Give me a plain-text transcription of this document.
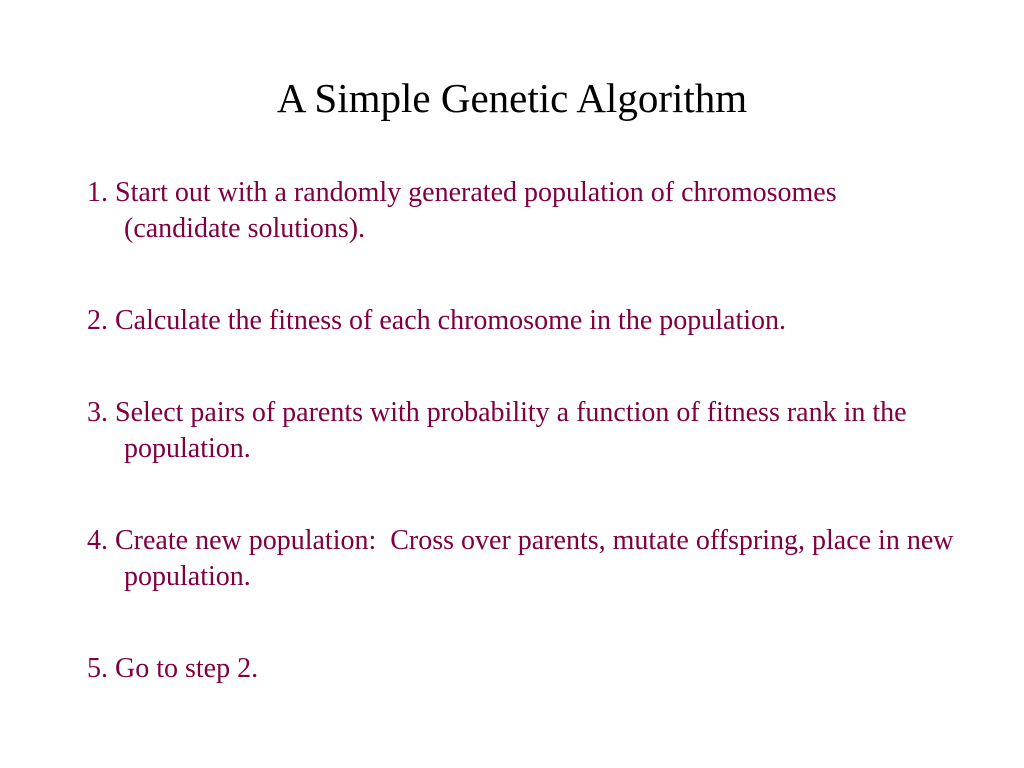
A Simple Genetic Algorithm
1. Start out with a randomly generated population of chromosomes (candidate solutions).
2. Calculate the fitness of each chromosome in the population.
3. Select pairs of parents with probability a function of fitness rank in the population.
4. Create new population:  Cross over parents, mutate offspring, place in new population.
5. Go to step 2.
